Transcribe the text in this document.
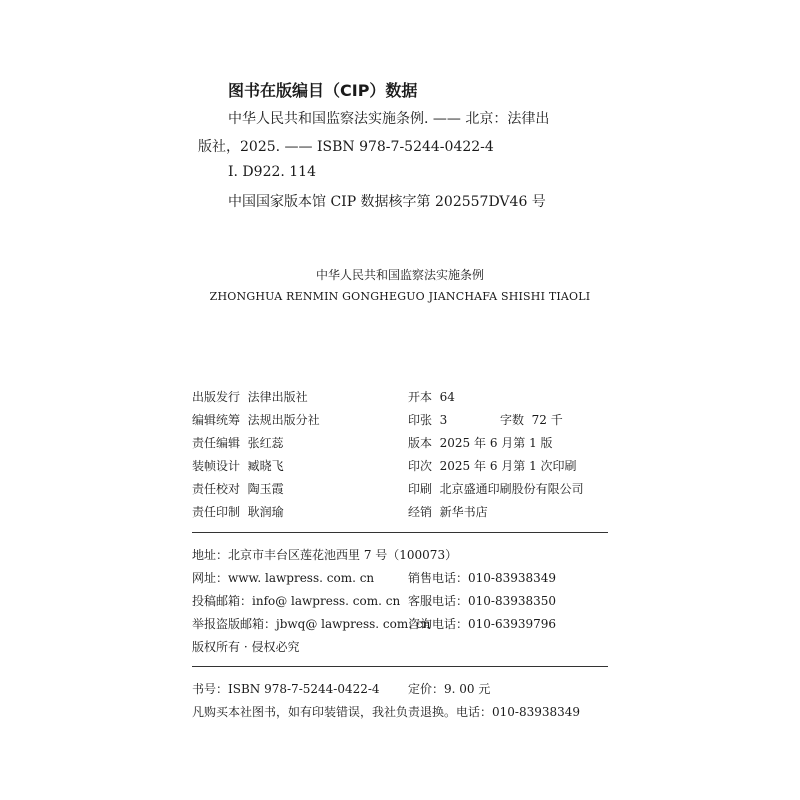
图书在版编目（CIP）数据
中华人民共和国监察法实施条例. —— 北京：法律出
版社，2025. —— ISBN 978-7-5244-0422-4
Ⅰ. D922. 114
中国国家版本馆 CIP 数据核字第 202557DV46 号
中华人民共和国监察法实施条例
ZHONGHUA RENMIN GONGHEGUO JIANCHAFA SHISHI TIAOLI
出版发行 法律出版社
编辑统筹 法规出版分社
责任编辑 张红蕊
装帧设计 臧晓飞
责任校对 陶玉霞
责任印制 耿润瑜
开本 64
印张 3	字数 72 千
版本 2025 年 6 月第 1 版
印次 2025 年 6 月第 1 次印刷
印刷 北京盛通印刷股份有限公司
经销 新华书店
地址：北京市丰台区莲花池西里 7 号（100073）
网址：www. lawpress. com. cn	销售电话：010-83938349
投稿邮箱：info@ lawpress. com. cn 客服电话：010-83938350
举报盗版邮箱：jbwq@ lawpress. com. cn
咨询电话：010-63939796
版权所有 · 侵权必究
书号：ISBN 978-7-5244-0422-4 定价：9. 00 元
凡购买本社图书，如有印装错误，我社负责退换。电话：010-83938349
